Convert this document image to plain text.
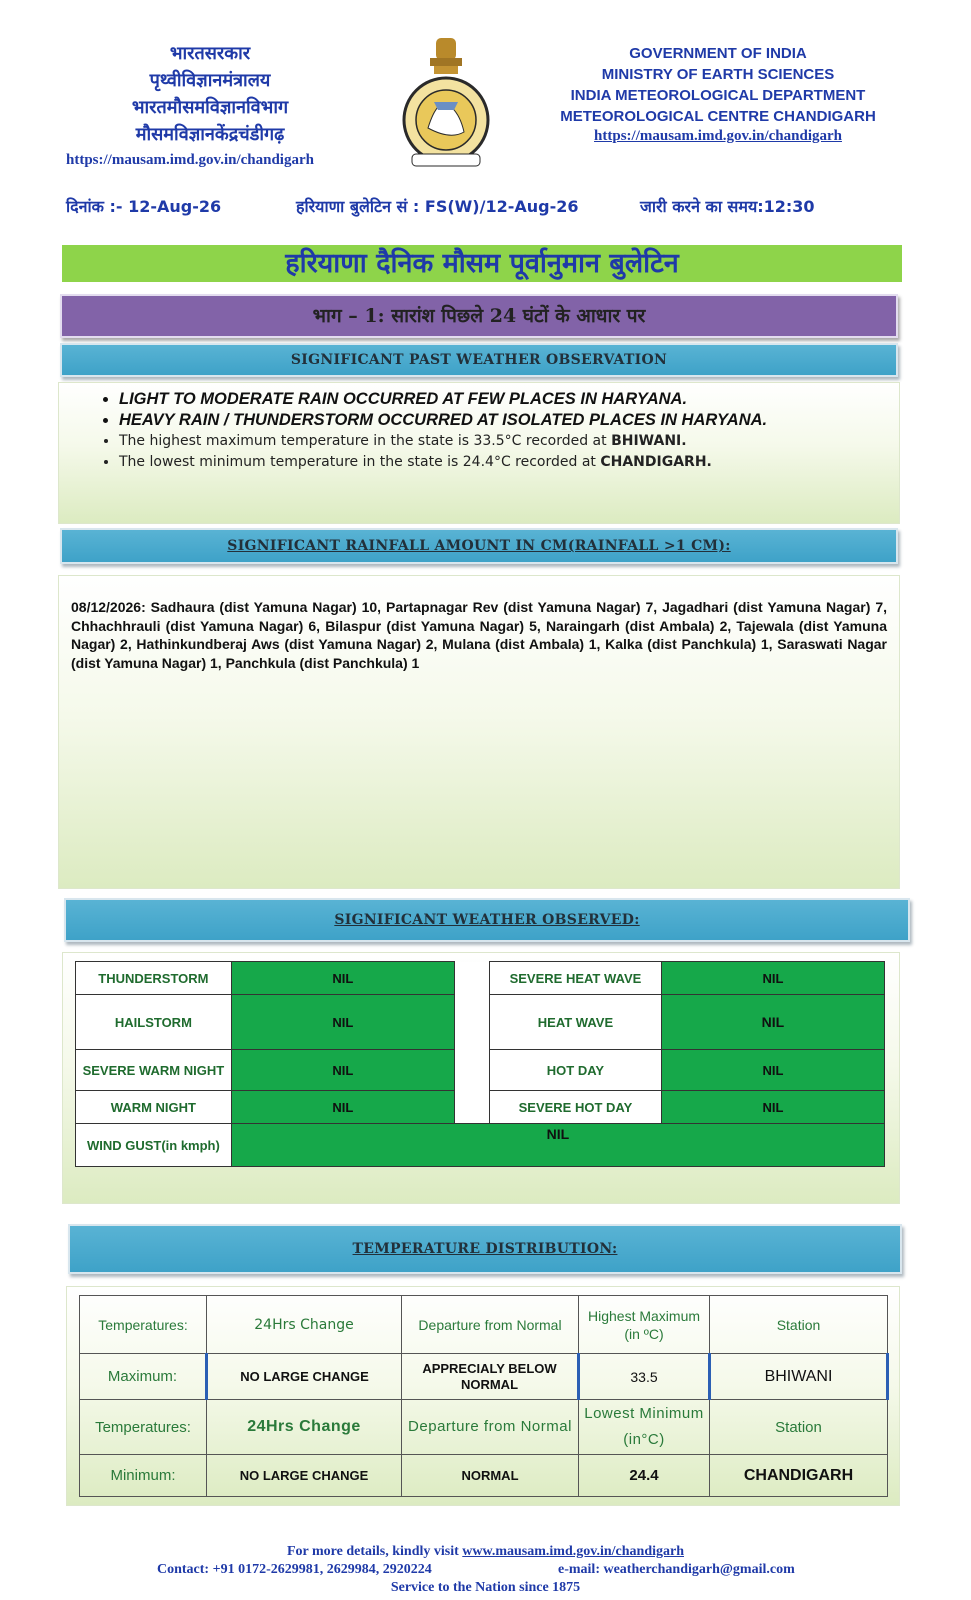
भारतसरकार
पृथ्वीविज्ञानमंत्रालय
भारतमौसमविज्ञानविभाग
मौसमविज्ञानकेंद्रचंडीगढ़
https://mausam.imd.gov.in/chandigarh
GOVERNMENT OF INDIA
MINISTRY OF EARTH SCIENCES
INDIA METEOROLOGICAL DEPARTMENT
METEOROLOGICAL CENTRE CHANDIGARH
https://mausam.imd.gov.in/chandigarh
दिनांक :- 12-Aug-26	हरियाणा बुलेटिन सं : FS(W)/12-Aug-26	जारी करने का समय:12:30
हरियाणा दैनिक मौसम पूर्वानुमान बुलेटिन
भाग – 1: सारांश पिछले 24 घंटों के आधार पर
SIGNIFICANT PAST WEATHER OBSERVATION
• LIGHT TO MODERATE RAIN OCCURRED AT FEW PLACES IN HARYANA.
• HEAVY RAIN / THUNDERSTORM OCCURRED AT ISOLATED PLACES IN HARYANA.
• The highest maximum temperature in the state is 33.5°C recorded at BHIWANI.
• The lowest minimum temperature in the state is 24.4°C recorded at CHANDIGARH.
SIGNIFICANT RAINFALL AMOUNT IN CM(RAINFALL >1 CM):
08/12/2026: Sadhaura (dist Yamuna Nagar) 10, Partapnagar Rev (dist Yamuna Nagar) 7, Jagadhari (dist Yamuna Nagar) 7, Chhachhrauli (dist Yamuna Nagar) 6, Bilaspur (dist Yamuna Nagar) 5, Naraingarh (dist Ambala) 2, Tajewala (dist Yamuna Nagar) 2, Hathinkundberaj Aws (dist Yamuna Nagar) 2, Mulana (dist Ambala) 1, Kalka (dist Panchkula) 1, Saraswati Nagar (dist Yamuna Nagar) 1, Panchkula (dist Panchkula) 1
SIGNIFICANT WEATHER OBSERVED:
THUNDERSTORM	NIL		SEVERE HEAT WAVE	NIL
HAILSTORM	NIL		HEAT WAVE	NIL
SEVERE WARM NIGHT	NIL		HOT DAY	NIL
WARM NIGHT	NIL		SEVERE HOT DAY	NIL
WIND GUST(in kmph)	NIL			
TEMPERATURE DISTRIBUTION:
Temperatures:	24Hrs Change	Departure from Normal	Highest Maximum (in ºC)	Station
Maximum:	NO LARGE CHANGE	APPRECIALY BELOW NORMAL	33.5	BHIWANI
Temperatures:	24Hrs Change	Departure from Normal	Lowest Minimum (in°C)	Station
Minimum:	NO LARGE CHANGE	NORMAL	24.4	CHANDIGARH
For more details, kindly visit www.mausam.imd.gov.in/chandigarh
Contact: +91 0172-2629981, 2629984, 2920224	e-mail: weatherchandigarh@gmail.com
Service to the Nation since 1875
